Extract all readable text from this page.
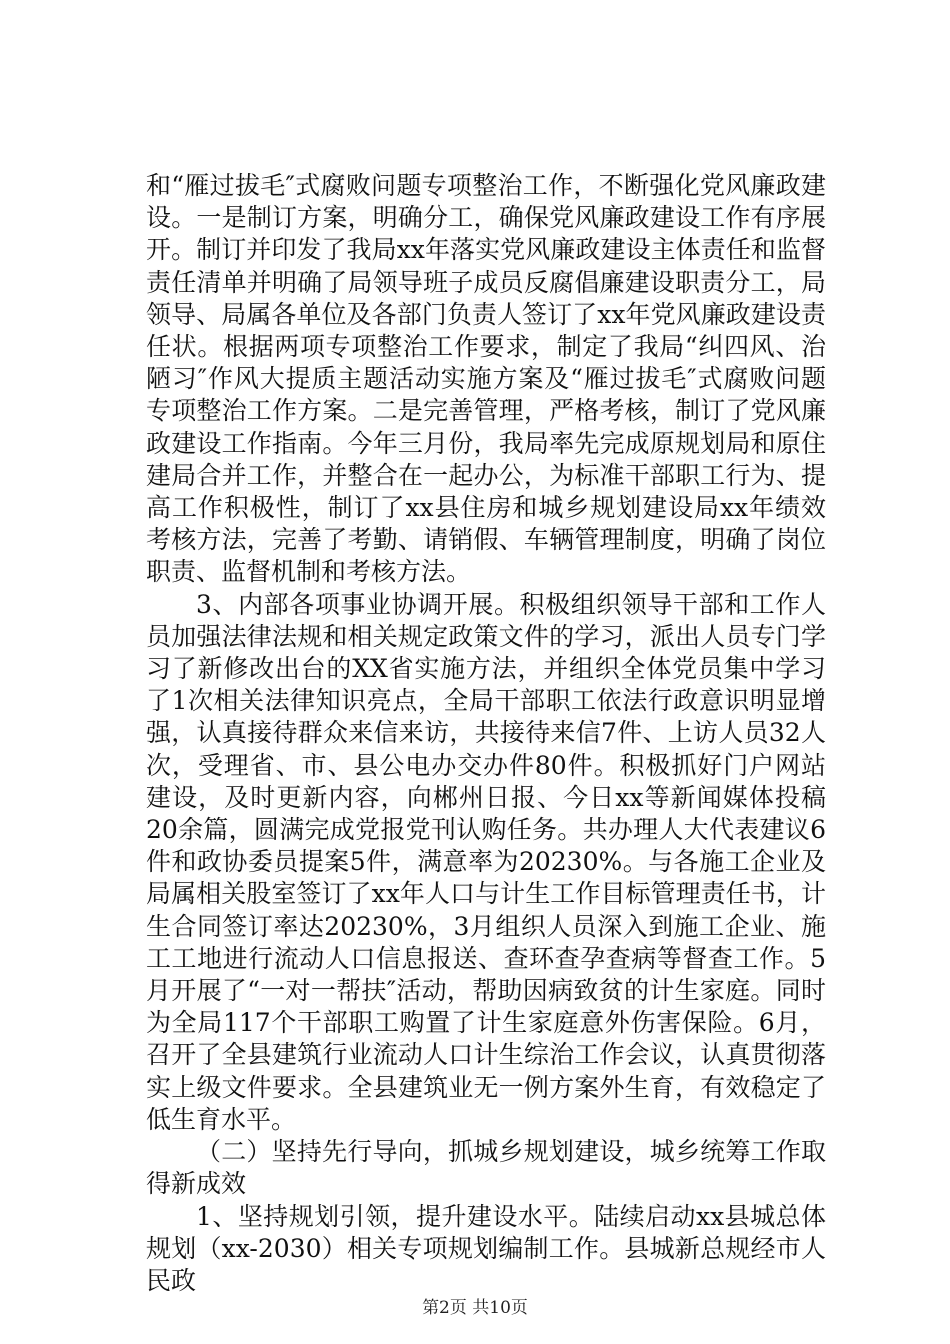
和“雁过拔毛″式腐败问题专项整治工作，不断强化党风廉政建设。一是制订方案，明确分工，确保党风廉政建设工作有序展开。制订并印发了我局xx年落实党风廉政建设主体责任和监督责任清单并明确了局领导班子成员反腐倡廉建设职责分工，局领导、局属各单位及各部门负责人签订了xx年党风廉政建设责任状。根据两项专项整治工作要求，制定了我局“纠四风、治陋习″作风大提质主题活动实施方案及“雁过拔毛″式腐败问题专项整治工作方案。二是完善管理，严格考核，制订了党风廉政建设工作指南。今年三月份，我局率先完成原规划局和原住建局合并工作，并整合在一起办公，为标准干部职工行为、提高工作积极性，制订了xx县住房和城乡规划建设局xx年绩效考核方法，完善了考勤、请销假、车辆管理制度，明确了岗位职责、监督机制和考核方法。

3、内部各项事业协调开展。积极组织领导干部和工作人员加强法律法规和相关规定政策文件的学习，派出人员专门学习了新修改出台的XX省实施方法，并组织全体党员集中学习了1次相关法律知识亮点，全局干部职工依法行政意识明显增强，认真接待群众来信来访，共接待来信7件、上访人员32人次，受理省、市、县公电办交办件80件。积极抓好门户网站建设，及时更新内容，向郴州日报、今日xx等新闻媒体投稿20余篇，圆满完成党报党刊认购任务。共办理人大代表建议6件和政协委员提案5件，满意率为20230%。与各施工企业及局属相关股室签订了xx年人口与计生工作目标管理责任书，计生合同签订率达20230%，3月组织人员深入到施工企业、施工工地进行流动人口信息报送、查环查孕查病等督查工作。5月开展了“一对一帮扶″活动，帮助因病致贫的计生家庭。同时为全局117个干部职工购置了计生家庭意外伤害保险。6月，召开了全县建筑行业流动人口计生综治工作会议，认真贯彻落实上级文件要求。全县建筑业无一例方案外生育，有效稳定了低生育水平。

（二）坚持先行导向，抓城乡规划建设，城乡统筹工作取得新成效

1、坚持规划引领，提升建设水平。陆续启动xx县城总体规划（xx-2030）相关专项规划编制工作。县城新总规经市人民政

第2页 共10页
